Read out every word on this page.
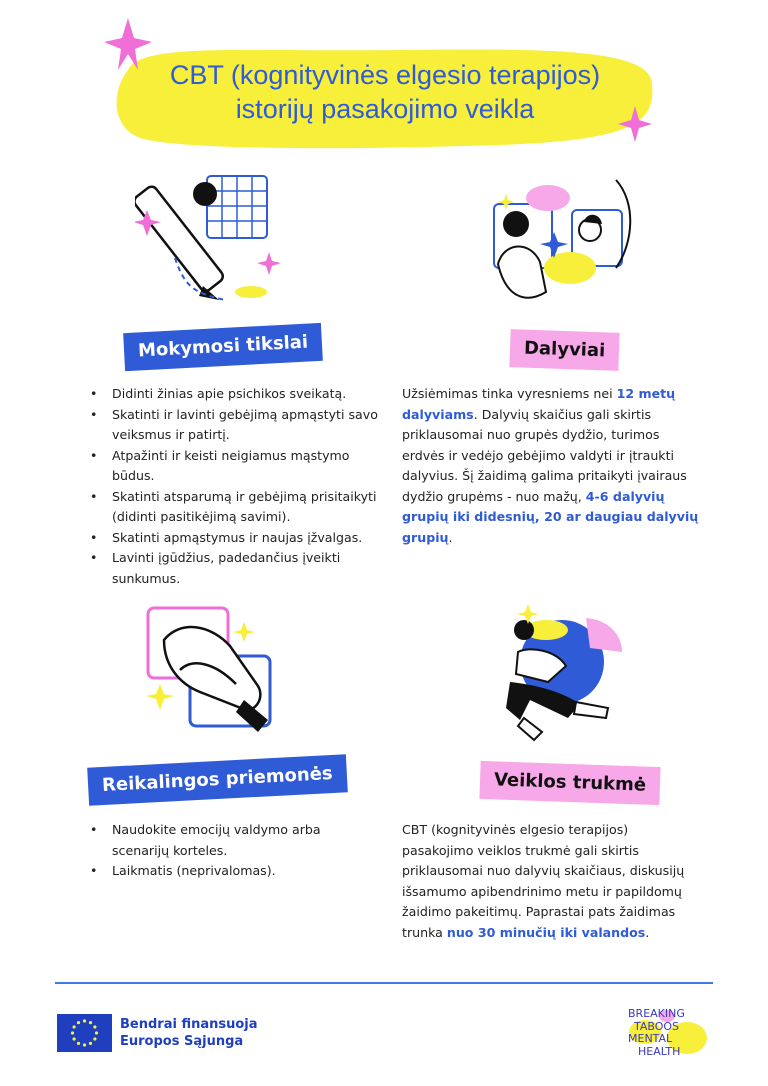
CBT (kognityvinės elgesio terapijos)
istorijų pasakojimo veikla
Mokymosi tikslai	Dalyviai
• Didinti žinias apie psichikos sveikatą.
• Skatinti ir lavinti gebėjimą apmąstyti savo veiksmus ir patirtį.
• Atpažinti ir keisti neigiamus mąstymo būdus.
• Skatinti atsparumą ir gebėjimą prisitaikyti (didinti pasitikėjimą savimi).
• Skatinti apmąstymus ir naujas įžvalgas.
• Lavinti įgūdžius, padedančius įveikti sunkumus.
Užsiėmimas tinka vyresniems nei 12 metų dalyviams. Dalyvių skaičius gali skirtis priklausomai nuo grupės dydžio, turimos erdvės ir vedėjo gebėjimo valdyti ir įtraukti dalyvius. Šį žaidimą galima pritaikyti įvairaus dydžio grupėms - nuo mažų, 4-6 dalyvių grupių iki didesnių, 20 ar daugiau dalyvių grupių.
Reikalingos priemonės	Veiklos trukmė
• Naudokite emocijų valdymo arba scenarijų korteles.
• Laikmatis (neprivalomas).
CBT (kognityvinės elgesio terapijos) pasakojimo veiklos trukmė gali skirtis priklausomai nuo dalyvių skaičiaus, diskusijų išsamumo apibendrinimo metu ir papildomų žaidimo pakeitimų. Paprastai pats žaidimas trunka nuo 30 minučių iki valandos.
Bendrai finansuoja
Europos Sąjunga
BREAKING
TABOOS
MENTAL
HEALTH
